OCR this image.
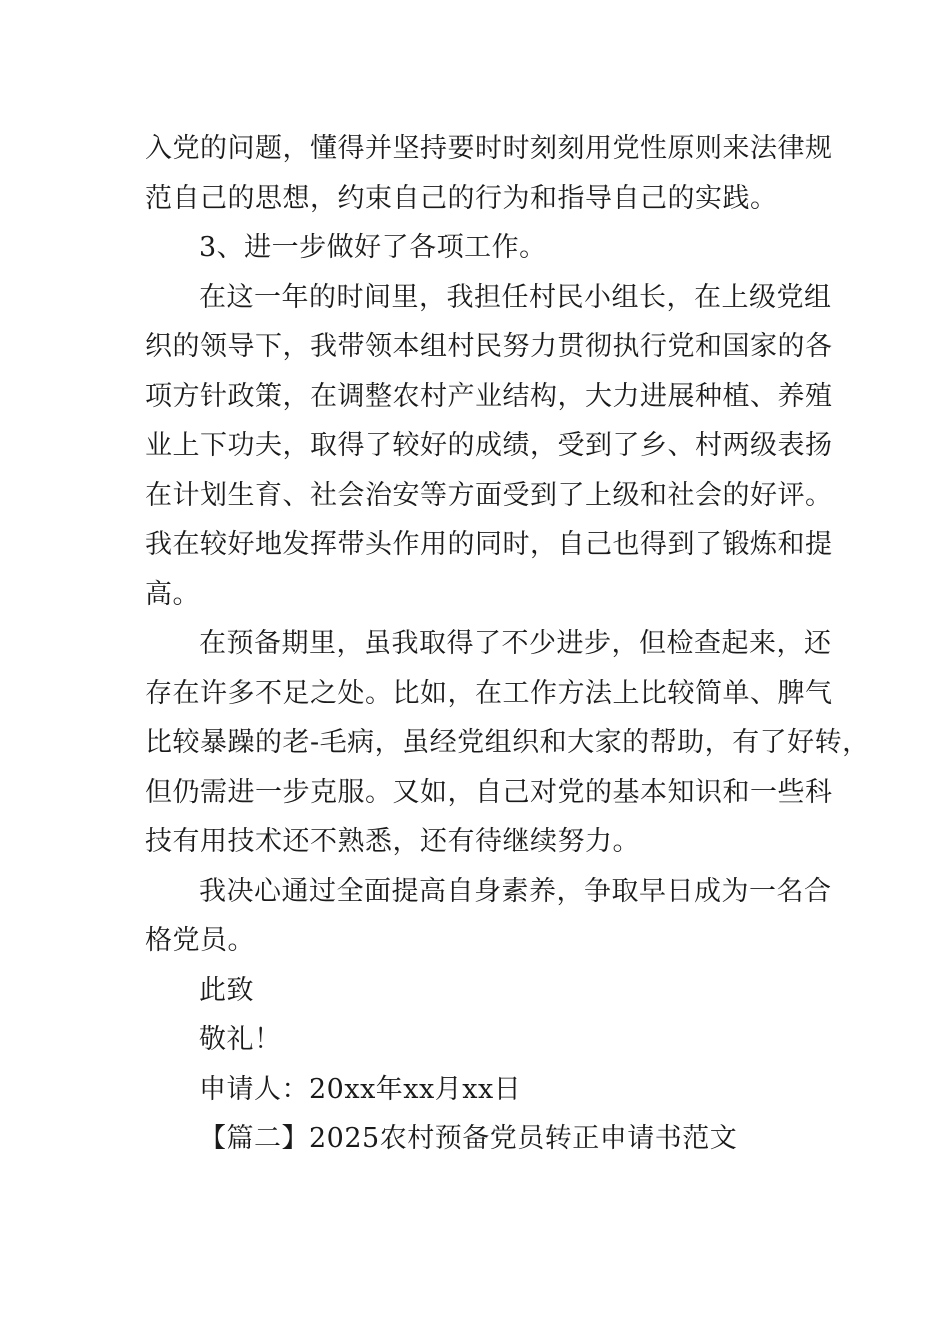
入党的问题，懂得并坚持要时时刻刻用党性原则来法律规
范自己的思想，约束自己的行为和指导自己的实践。
3、进一步做好了各项工作。
在这一年的时间里，我担任村民小组长，在上级党组
织的领导下，我带领本组村民努力贯彻执行党和国家的各
项方针政策，在调整农村产业结构，大力进展种植、养殖
业上下功夫，取得了较好的成绩，受到了乡、村两级表扬
在计划生育、社会治安等方面受到了上级和社会的好评。
我在较好地发挥带头作用的同时，自己也得到了锻炼和提
高。
在预备期里，虽我取得了不少进步，但检查起来，还
存在许多不足之处。比如，在工作方法上比较简单、脾气
比较暴躁的老-毛病，虽经党组织和大家的帮助，有了好转，
但仍需进一步克服。又如，自己对党的基本知识和一些科
技有用技术还不熟悉，还有待继续努力。
我决心通过全面提高自身素养，争取早日成为一名合
格党员。
此致
敬礼！
申请人：20xx年xx月xx日
【篇二】2025农村预备党员转正申请书范文
